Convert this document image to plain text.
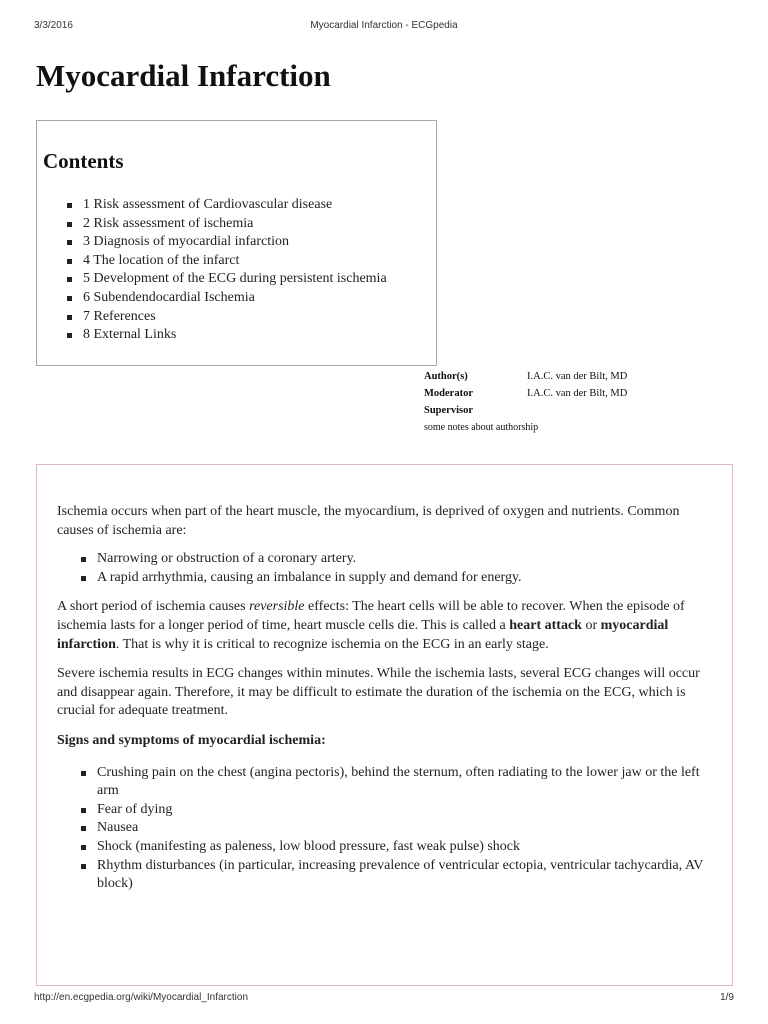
3/3/2016	Myocardial Infarction - ECGpedia
Myocardial Infarction
Contents
1 Risk assessment of Cardiovascular disease
2 Risk assessment of ischemia
3 Diagnosis of myocardial infarction
4 The location of the infarct
5 Development of the ECG during persistent ischemia
6 Subendendocardial Ischemia
7 References
8 External Links
Author(s)	I.A.C. van der Bilt, MD
Moderator	I.A.C. van der Bilt, MD
Supervisor
some notes about authorship

Ischemia occurs when part of the heart muscle, the myocardium, is deprived of oxygen and nutrients. Common causes of ischemia are:

Narrowing or obstruction of a coronary artery.
A rapid arrhythmia, causing an imbalance in supply and demand for energy.

A short period of ischemia causes reversible effects: The heart cells will be able to recover. When the episode of ischemia lasts for a longer period of time, heart muscle cells die. This is called a heart attack or myocardial infarction. That is why it is critical to recognize ischemia on the ECG in an early stage.

Severe ischemia results in ECG changes within minutes. While the ischemia lasts, several ECG changes will occur and disappear again. Therefore, it may be difficult to estimate the duration of the ischemia on the ECG, which is crucial for adequate treatment.

Signs and symptoms of myocardial ischemia:

Crushing pain on the chest (angina pectoris), behind the sternum, often radiating to the lower jaw or the left arm
Fear of dying
Nausea
Shock (manifesting as paleness, low blood pressure, fast weak pulse) shock
Rhythm disturbances (in particular, increasing prevalence of ventricular ectopia, ventricular tachycardia, AV block)
http://en.ecgpedia.org/wiki/Myocardial_Infarction	1/9
